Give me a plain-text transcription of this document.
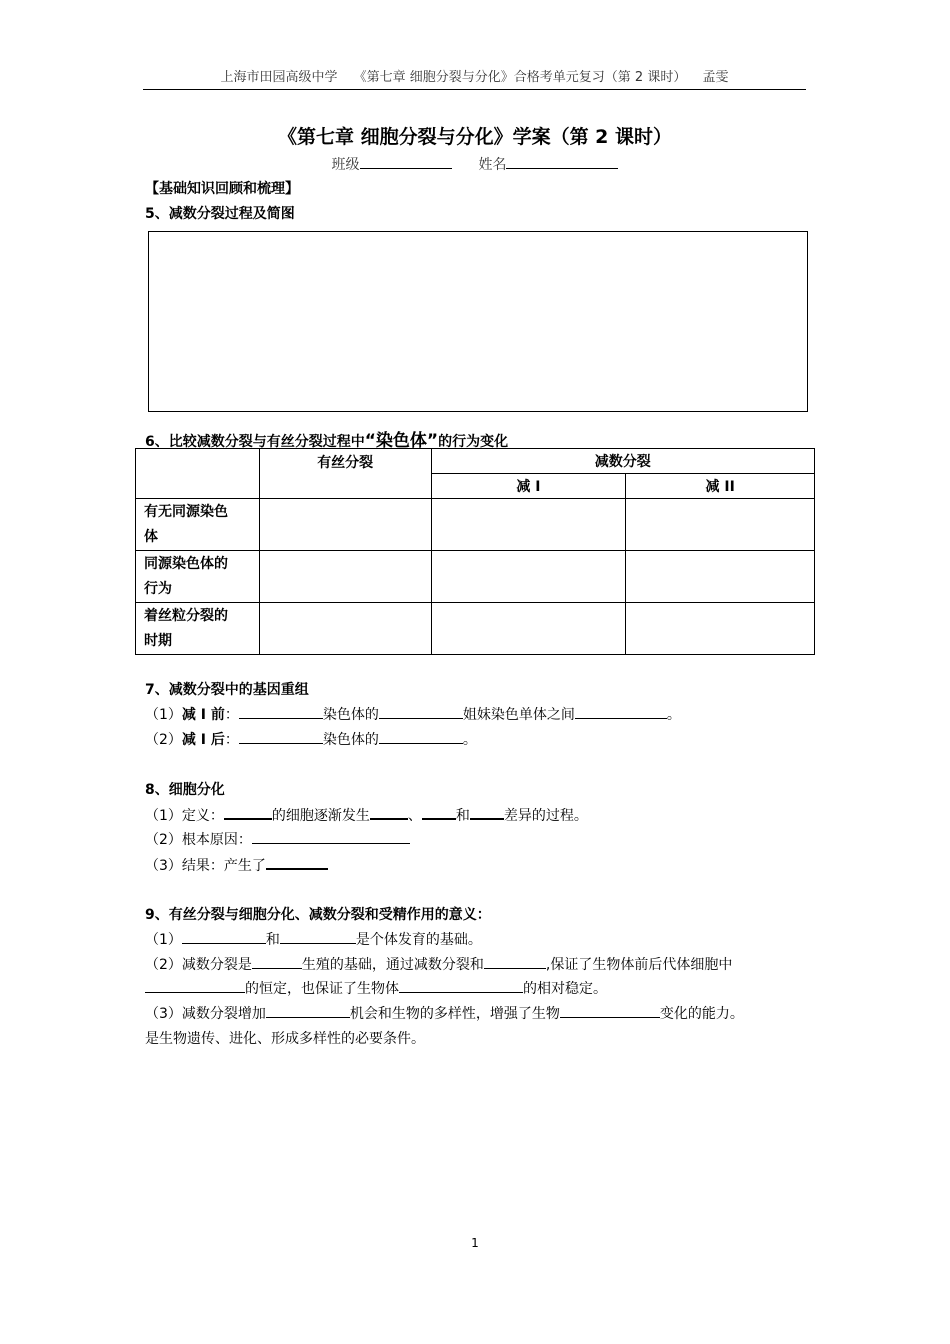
上海市田园高级中学 《第七章 细胞分裂与分化》合格考单元复习（第 2 课时） 孟雯
《第七章 细胞分裂与分化》学案（第 2 课时）
班级	姓名
【基础知识回顾和梳理】
5、减数分裂过程及简图
6、比较减数分裂与有丝分裂过程中“染色体”的行为变化
	有丝分裂	减数分裂	
		减 I	减 II
有无同源染色
体			
同源染色体的
行为			
着丝粒分裂的
时期			
7、减数分裂中的基因重组
（1）减 I 前：	染色体的	姐妹染色单体之间	。
（2）减 I 后：	染色体的	。
8、细胞分化
（1）定义：	的细胞逐渐发生	、 和 差异的过程。
（2）根本原因：
（3）结果：产生了
9、有丝分裂与细胞分化、减数分裂和受精作用的意义：
（1）	和	是个体发育的基础。
（2）减数分裂是	生殖的基础，通过减数分裂和	,保证了生物体前后代体细胞中
的恒定，也保证了生物体	的相对稳定。
（3）减数分裂增加	机会和生物的多样性，增强了生物	变化的能力。
是生物遗传、进化、形成多样性的必要条件。
1
